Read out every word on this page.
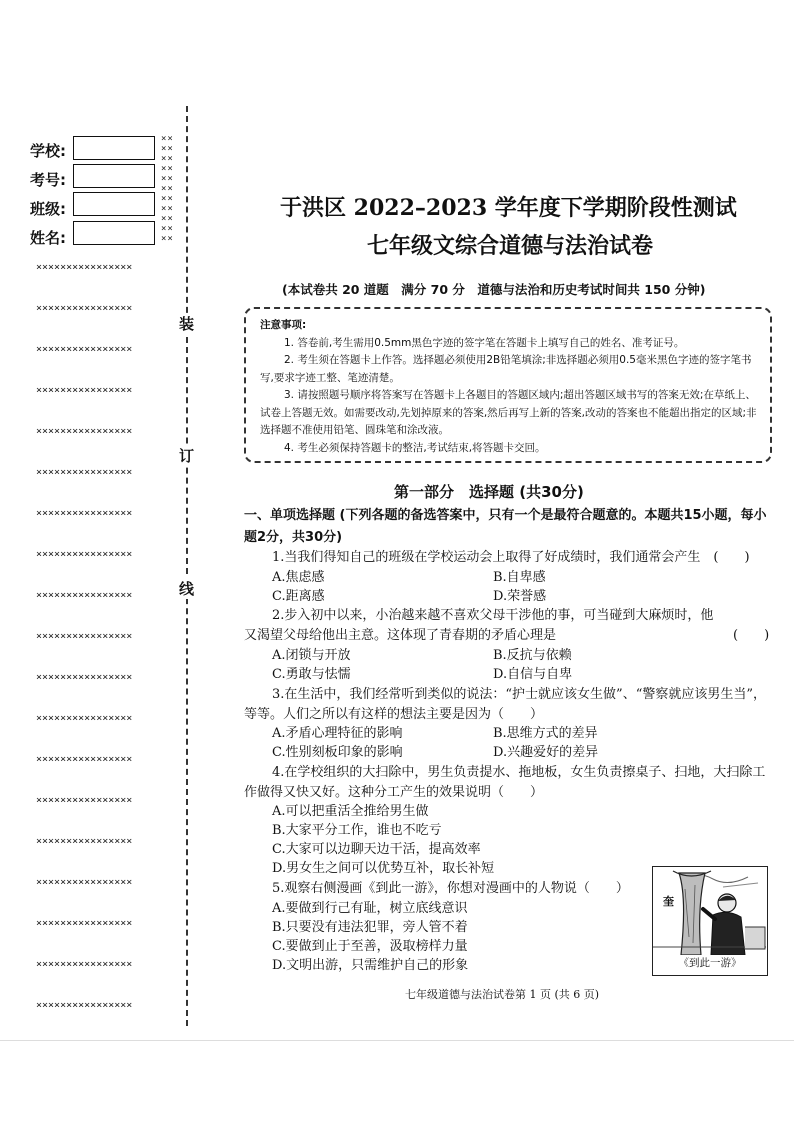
学校:
考号:
班级:
姓名:
××
××
××
××
××
××
××
××
××
××
××
××××××××××××××××
××××××××××××××××
××××××××××××××××
××××××××××××××××
××××××××××××××××
××××××××××××××××
××××××××××××××××
××××××××××××××××
××××××××××××××××
××××××××××××××××
××××××××××××××××
××××××××××××××××
××××××××××××××××
××××××××××××××××
××××××××××××××××
××××××××××××××××
××××××××××××××××
××××××××××××××××
××××××××××××××××
装
订
线
于洪区 2022–2023 学年度下学期阶段性测试
七年级文综合道德与法治试卷
(本试卷共 20 道题　满分 70 分　道德与法治和历史考试时间共 150 分钟)
注意事项:
1. 答卷前,考生需用0.5mm黑色字迹的签字笔在答题卡上填写自己的姓名、准考证号。
2. 考生须在答题卡上作答。选择题必须使用2B铅笔填涂;非选择题必须用0.5毫米黑色字迹的签字笔书写,要求字迹工整、笔迹清楚。
3. 请按照题号顺序将答案写在答题卡上各题目的答题区域内;超出答题区域书写的答案无效;在草纸上、试卷上答题无效。如需要改动,先划掉原来的答案,然后再写上新的答案,改动的答案也不能超出指定的区域;非选择题不准使用铅笔、圆珠笔和涂改液。
4. 考生必须保持答题卡的整洁,考试结束,将答题卡交回。
第一部分　选择题 (共30分)
一、单项选择题 (下列各题的备选答案中，只有一个是最符合题意的。本题共15小题，每小题2分，共30分)
1.当我们得知自己的班级在学校运动会上取得了好成绩时，我们通常会产生　(　　)
A.焦虑感	B.自卑感
C.距离感	D.荣誉感
2.步入初中以来，小治越来越不喜欢父母干涉他的事，可当碰到大麻烦时，他又渴望父母给他出主意。这体现了青春期的矛盾心理是	(　　)
A.闭锁与开放	B.反抗与依赖
C.勇敢与怯懦	D.自信与自卑
3.在生活中，我们经常听到类似的说法：“护士就应该女生做”、“警察就应该男生当”，等等。人们之所以有这样的想法主要是因为（　　）
A.矛盾心理特征的影响	B.思维方式的差异
C.性别刻板印象的影响	D.兴趣爱好的差异
4.在学校组织的大扫除中，男生负责提水、拖地板，女生负责擦桌子、扫地，大扫除工作做得又快又好。这种分工产生的效果说明（　　）
A.可以把重活全推给男生做
B.大家平分工作，谁也不吃亏
C.大家可以边聊天边干活，提高效率
D.男女生之间可以优势互补，取长补短
5.观察右侧漫画《到此一游》，你想对漫画中的人物说（　　）
A.要做到行己有耻，树立底线意识
B.只要没有违法犯罪，旁人管不着
C.要做到止于至善，汲取榜样力量
D.文明出游，只需维护自己的形象
奎
《到此一游》
七年级道德与法治试卷第 1 页 (共 6 页)
